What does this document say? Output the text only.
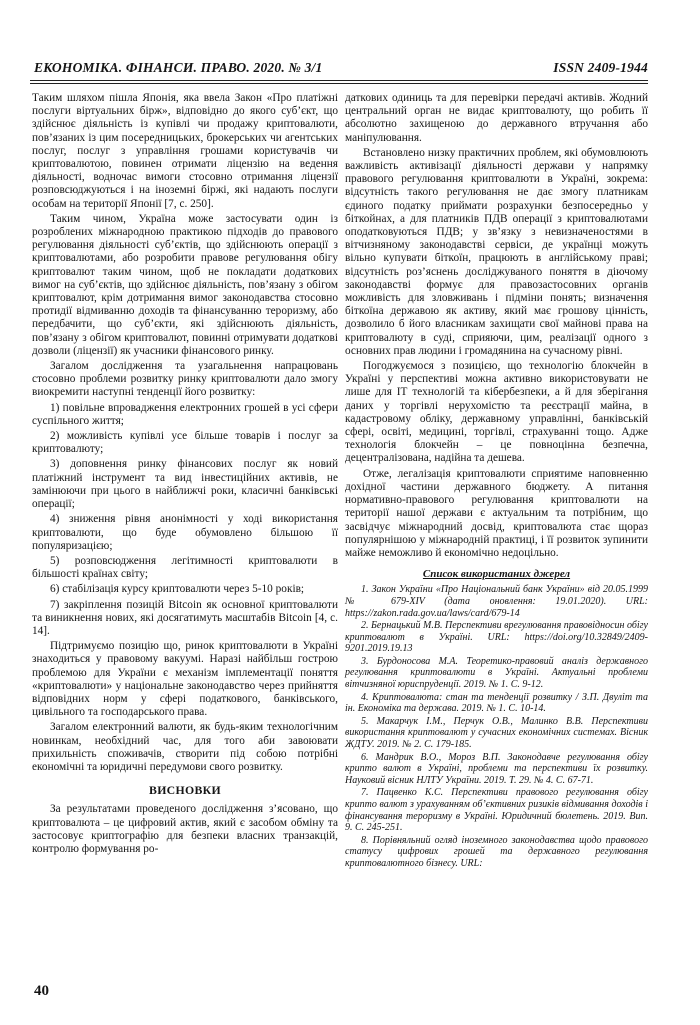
ЕКОНОМІКА. ФІНАНСИ. ПРАВО. 2020. № 3/1	ISSN 2409-1944

Таким шляхом пішла Японія, яка ввела Закон «Про платіжні послуги віртуальних бірж», відповідно до якого суб’єкт, що здійснює діяльність із купівлі чи продажу криптовалюти, пов’язаних із цим посередницьких, брокерських чи агентських послуг, послуг з управління грошами користувачів чи криптовалютою, повинен отримати ліцензію на ведення діяльності, водночас вимоги стосовно отримання ліцензії розповсюджуються і на іноземні біржі, які надають послуги особам на території Японії [7, с. 250].

Таким чином, Україна може застосувати один із розроблених міжнародною практикою підходів до правового регулювання діяльності суб’єктів, що здійснюють операції з криптовалютами, або розробити правове регулювання обігу криптовалют таким чином, щоб не покладати додаткових вимог на суб’єктів, що здійснює діяльність, пов’язану з обігом криптовалют, крім дотримання вимог законодавства стосовно протидії відмиванню доходів та фінансуванню тероризму, або передбачити, що суб’єкти, які здійснюють діяльність, пов’язану з обігом криптовалют, повинні отримувати додаткові дозволи (ліцензії) як учасники фінансового ринку.

Загалом дослідження та узагальнення напрацювань стосовно проблеми розвитку ринку криптовалюти дало змогу виокремити наступні тенденції його розвитку:

1) повільне впровадження електронних грошей в усі сфери суспільного життя;

2) можливість купівлі усе більше товарів і послуг за криптовалюту;

3) доповнення ринку фінансових послуг як новий платіжний інструмент та вид інвестиційних активів, не замінюючи при цього в найближчі роки, класичні банківські операції;

4) зниження рівня анонімності у ході використання криптовалюти, що буде обумовлено більшою її популяризацією;

5) розповсюдження легітимності криптовалюти в більшості країнах світу;

6) стабілізація курсу криптовалюти через 5-10 років;

7) закріплення позицій Bitcoin як основної криптовалюти та виникнення нових, які досягатимуть масштабів Bitcoin [4, с. 14].

Підтримуємо позицію що, ринок криптовалюти в Україні знаходиться у правовому вакуумі. Наразі найбільш гострою проблемою для України є механізм імплементації поняття «криптовалюти» у національне законодавство через прийняття відповідних норм у сфері податкового, банківського, цивільного та господарського права.

Загалом електронний валюти, як будь-яким технологічним новинкам, необхідний час, для того аби завоювати прихильність споживачів, створити під собою потрібні економічні та юридичні передумови свого розвитку.

ВИСНОВКИ

За результатами проведеного дослідження з’ясовано, що криптовалюта – це цифровий актив, який є засобом обміну та застосовує криптографію для безпеки власних транзакцій, контролю формування ро-

даткових одиниць та для перевірки передачі активів. Жодний центральний орган не видає криптовалюту, що робить її абсолютно захищеною до державного втручання або маніпулювання.

Встановлено низку практичних проблем, які обумовлюють важливість активізації діяльності держави у напрямку правового регулювання криптовалюти в Україні, зокрема: відсутність такого регулювання не дає змогу платникам єдиного податку приймати розрахунки безпосередньо у біткойнах, а для платників ПДВ операції з криптовалютами оподатковуються ПДВ; у зв’язку з невизначеностями в вітчизняному законодавстві сервіси, де українці можуть вільно купувати біткоїн, працюють в англійському праві; відсутність роз’яснень досліджуваного поняття в діючому законодавстві формує для правозастосовних органів можливість для зловживань і підміни понять; визначення біткоїна державою як активу, який має грошову цінність, дозволило б його власникам захищати свої майнові права на криптовалюту в суді, сприяючи, цим, реалізації одного з основних прав людини і громадянина на сучасному рівні.

Погоджуємося з позицією, що технологію блокчейн в Україні у перспективі можна активно використовувати не лише для ІТ технологій та кібербезпеки, а й для зберігання даних у торгівлі нерухомістю та реєстрації майна, в кадастровому обліку, державному управлінні, банківській сфері, освіті, медицині, торгівлі, страхуванні тощо. Адже технологія блокчейн – це повноцінна безпечна, децентралізована, надійна та дешева.

Отже, легалізація криптовалюти сприятиме наповненню дохідної частини державного бюджету. А питання нормативно-правового регулювання криптовалюти на території нашої держави є актуальним та потрібним, що засвідчує міжнародний досвід, криптовалюта стає щораз популярнішою у міжнародній практиці, і її розвиток зупинити майже неможливо й економічно недоцільно.

Список використаних джерел
1. Закон України «Про Національний банк України» від 20.05.1999 № 679-XIV (дата оновлення: 19.01.2020). URL: https://zakon.rada.gov.ua/laws/card/679-14
2. Бернацький М.В. Перспективи врегулювання правовідносин обігу криптовалют в Україні. URL: https://doi.org/10.32849/2409-9201.2019.19.13
3. Бурдоносова М.А. Теоретико-правовий аналіз державного регулювання криптовалюти в Україні. Актуальні проблеми вітчизняної юриспруденції. 2019. № 1. С. 9-12.
4. Криптовалюта: стан та тенденції розвитку / З.П. Двуліт та ін. Економіка та держава. 2019. № 1. С. 10-14.
5. Макарчук І.М., Перчук О.В., Малинко В.В. Перспективи використання криптовалют у сучасних економічних системах. Вісник ЖДТУ. 2019. № 2. С. 179-185.
6. Мандрик В.О., Мороз В.П. Законодавче регулювання обігу крипто валют в Україні, проблеми та перспективи їх розвитку. Науковий вісник НЛТУ України. 2019. Т. 29. № 4. С. 67-71.
7. Пацвенко К.С. Перспективи правового регулювання обігу крипто валют з урахуванням об’єктивних ризиків відмивання доходів і фінансування тероризму в Україні. Юридичний бюлетень. 2019. Вип. 9. С. 245-251.
8. Порівняльний огляд іноземного законодавства щодо правового статусу цифрових грошей та державного регулювання криптовалютного бізнесу. URL:
40
